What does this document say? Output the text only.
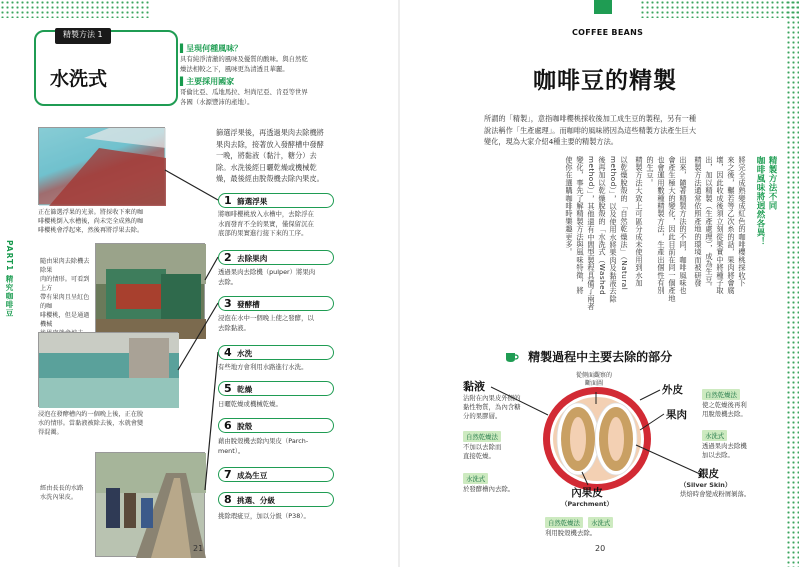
精製方法 1
水洗式
▌呈現何種風味？
具有純淨清澈的風味及優質的酸味。與自然乾
燥法相較之下，風味更為清透且華麗。
▌主要採用國家
哥倫比亞、瓜地馬拉、坦尚尼亞、肯亞等世界
各國（水源豐沛的產地）。
篩選浮果後，再透過果肉去除機將
果肉去除，接著放入發酵槽中發酵
一晚，將黏液（黏汁，糖分）去
除。水洗後經日曬乾燥或機械乾
燥，最後經由脫殼機去除內果皮。
PART1 精究咖啡豆
正在篩選浮果的光景。將採收下來的咖
啡櫻桃倒入水槽後，尚未完全成熟的咖
啡櫻桃會浮起來，然後再將浮果去除。
隨由果肉去除機去除果
肉的情形。可看到上方
帶有果肉且呈紅色的咖
啡櫻桃，但是通過機械
浸泡在發酵槽內約一個晚上後，正在脫
水的情形。當黏液被除去後，水就會變
得混濁。
經由長長的水路
水洗內果皮。
1 篩選浮果
將咖啡櫻桃放入水槽中，去除浮在
水面發育不全的果實，僅保留沉在
底部的果實進行接下來的工序。
2 去除果肉
透過果肉去除機（pulper）將果肉
去除。
3 發酵槽
浸泡在水中一個晚上使之發酵，以
去除黏液。
4 水洗
有些地方會利用水路進行水洗。
5 乾燥
日曬乾燥或機械乾燥。
6 脫殼
藉由脫殼機去除內果皮（Parch-
ment）。
7 成為生豆
8 挑選、分級
挑除瑕疵豆，加以分級（P38）。
21
COFFEE BEANS
咖啡豆的精製
所謂的「精製」，意指咖啡櫻桃採收後加工成生豆的製程，另有一種
說法稱作「生產處理」。而咖啡的風味將因為這些精製方法產生巨大
變化，現為大家介紹4種主要的精製方法。
精製方法不同
咖啡風味將迥然各異！
將完全成熟變成紅色的咖啡櫻桃採收下
來之後，輾若等乙次糸的話，果肉將會腐
壞，因此收成後須立刻從果實中將種子取
出，加以精製（生產處理），成為生豆。
精製方法通常依照產地的環境而被研發
出來，隨著精製方法的不同，咖啡風味也
會產生極大的變化，因此目前在同一個產地
也會運用數種精製方法，生產出個性有別
的生豆。
精製方法大致上可區分成未使用到水加
以乾燥脫殼的「自然乾燥法」（Natural
method）」，以及使用水將果肉及黏液去除
後再加以乾燥脫殼的「水洗式（Washed
method）」，其他還有中間型製程具備了兩者
變化，事先了解精製方法與風味特徵，將
使你在選購咖啡時樂趣更多。
精製過程中主要去除的部分
從側面觀察的
斷面圖
黏液
沾附在內果皮外側的
黏性物質，為內含糖
分的果膠層。
自然乾燥法
不加以去除而
直接乾燥。
水洗式
於發酵槽內去除。
外皮
果肉
自然乾燥法
使之乾燥後再利
用脫殼機去除。
水洗式
透過果肉去除機
加以去除。
內果皮
（Parchment）
自然乾燥法 水洗式
利用脫殼機去除。
銀皮
（Silver Skin）
烘焙時會變成粉屑剝落。
20
